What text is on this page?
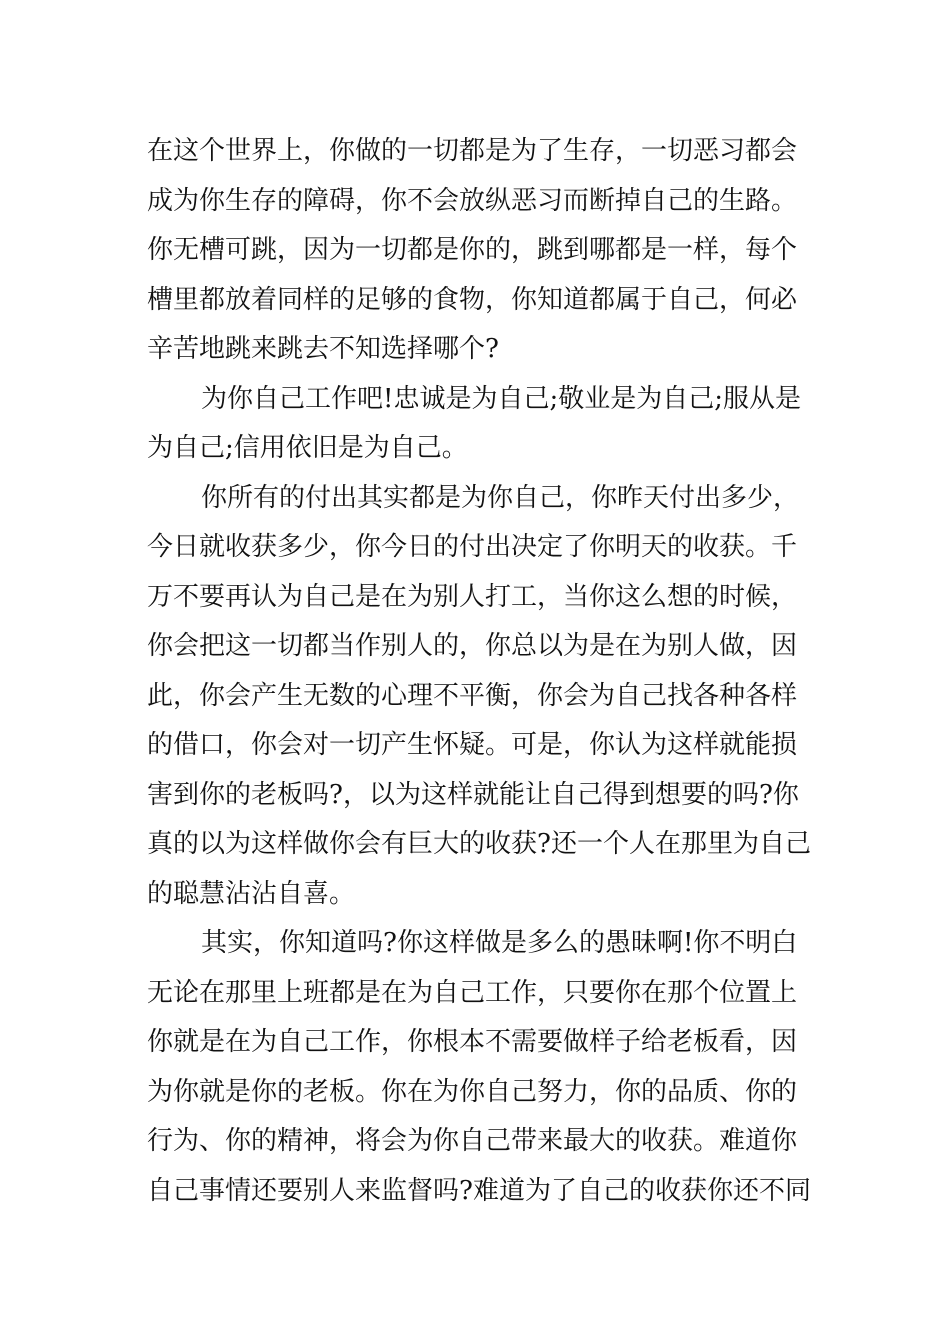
在这个世界上，你做的一切都是为了生存，一切恶习都会
成为你生存的障碍，你不会放纵恶习而断掉自己的生路。
你无槽可跳，因为一切都是你的，跳到哪都是一样，每个
槽里都放着同样的足够的食物，你知道都属于自己，何必
辛苦地跳来跳去不知选择哪个?

为你自己工作吧!忠诚是为自己;敬业是为自己;服从是
为自己;信用依旧是为自己。

你所有的付出其实都是为你自己，你昨天付出多少，
今日就收获多少，你今日的付出决定了你明天的收获。千
万不要再认为自己是在为别人打工，当你这么想的时候，
你会把这一切都当作别人的，你总以为是在为别人做，因
此，你会产生无数的心理不平衡，你会为自己找各种各样
的借口，你会对一切产生怀疑。可是，你认为这样就能损
害到你的老板吗?，以为这样就能让自己得到想要的吗?你
真的以为这样做你会有巨大的收获?还一个人在那里为自己
的聪慧沾沾自喜。

其实，你知道吗?你这样做是多么的愚昧啊!你不明白
无论在那里上班都是在为自己工作，只要你在那个位置上
你就是在为自己工作，你根本不需要做样子给老板看，因
为你就是你的老板。你在为你自己努力，你的品质、你的
行为、你的精神，将会为你自己带来最大的收获。难道你
自己事情还要别人来监督吗?难道为了自己的收获你还不同
